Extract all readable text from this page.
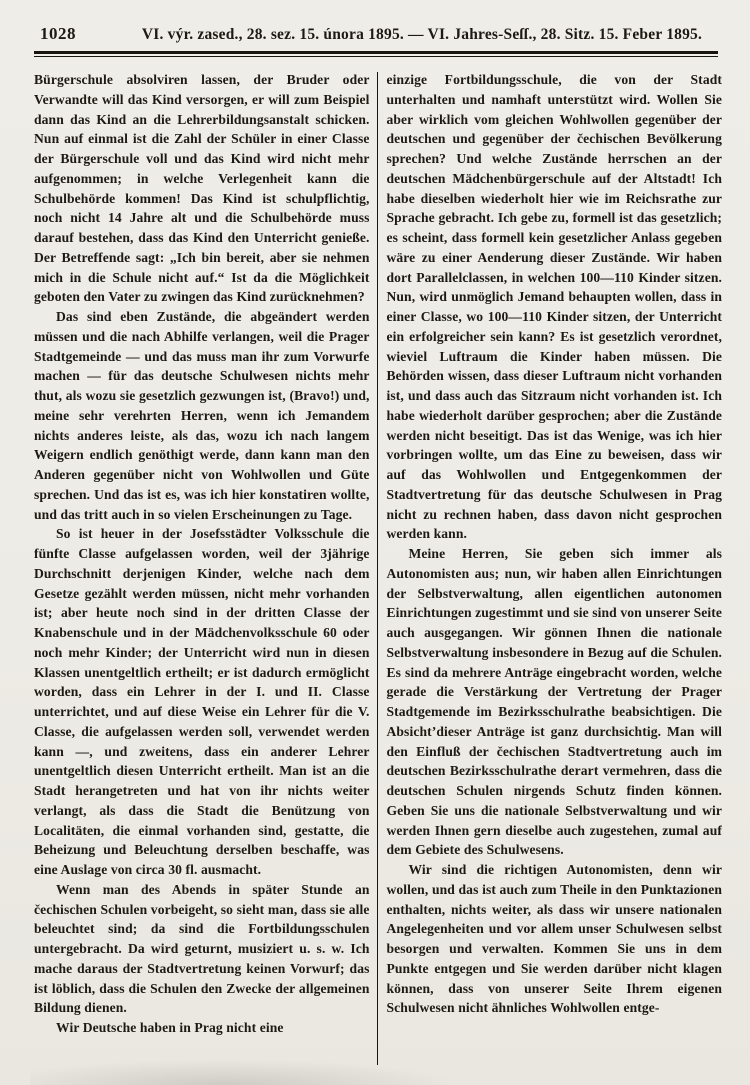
1028	VI. výr. zased., 28. sez. 15. února 1895. — VI. Jahres-Seſſ., 28. Sitz. 15. Feber 1895.

Bürgerschule absolviren lassen, der Bruder oder Verwandte will das Kind versorgen, er will zum Beispiel dann das Kind an die Lehrerbildungsanstalt schicken. Nun auf einmal ist die Zahl der Schüler in einer Classe der Bürgerschule voll und das Kind wird nicht mehr aufgenommen; in welche Verlegenheit kann die Schulbehörde kommen! Das Kind ist schulpflichtig, noch nicht 14 Jahre alt und die Schulbehörde muss darauf bestehen, dass das Kind den Unterricht genieße. Der Betreffende sagt: „Ich bin bereit, aber sie nehmen mich in die Schule nicht auf.“ Ist da die Möglichkeit geboten den Vater zu zwingen das Kind zurücknehmen?

Das sind eben Zustände, die abgeändert werden müssen und die nach Abhilfe verlangen, weil die Prager Stadtgemeinde — und das muss man ihr zum Vorwurfe machen — für das deutsche Schulwesen nichts mehr thut, als wozu sie gesetzlich gezwungen ist, (Bravo!) und, meine sehr verehrten Herren, wenn ich Jemandem nichts anderes leiste, als das, wozu ich nach langem Weigern endlich genöthigt werde, dann kann man den Anderen gegenüber nicht von Wohlwollen und Güte sprechen. Und das ist es, was ich hier konstatiren wollte, und das tritt auch in so vielen Erscheinungen zu Tage.

So ist heuer in der Josefsstädter Volksschule die fünfte Classe aufgelassen worden, weil der 3jährige Durchschnitt derjenigen Kinder, welche nach dem Gesetze gezählt werden müssen, nicht mehr vorhanden ist; aber heute noch sind in der dritten Classe der Knabenschule und in der Mädchenvolksschule 60 oder noch mehr Kinder; der Unterricht wird nun in diesen Klassen unentgeltlich ertheilt; er ist dadurch ermöglicht worden, dass ein Lehrer in der I. und II. Classe unterrichtet, und auf diese Weise ein Lehrer für die V. Classe, die aufgelassen werden soll, verwendet werden kann —, und zweitens, dass ein anderer Lehrer unentgeltlich diesen Unterricht ertheilt. Man ist an die Stadt herangetreten und hat von ihr nichts weiter verlangt, als dass die Stadt die Benützung von Localitäten, die einmal vorhanden sind, gestatte, die Beheizung und Beleuchtung derselben beschaffe, was eine Auslage von circa 30 fl. ausmacht.

Wenn man des Abends in später Stunde an čechischen Schulen vorbeigeht, so sieht man, dass sie alle beleuchtet sind; da sind die Fortbildungsschulen untergebracht. Da wird geturnt, musiziert u. s. w. Ich mache daraus der Stadtvertretung keinen Vorwurf; das ist löblich, dass die Schulen den Zwecke der allgemeinen Bildung dienen.

Wir Deutsche haben in Prag nicht eine

einzige Fortbildungsschule, die von der Stadt unterhalten und namhaft unterstützt wird. Wollen Sie aber wirklich vom gleichen Wohlwollen gegenüber der deutschen und gegenüber der čechischen Bevölkerung sprechen? Und welche Zustände herrschen an der deutschen Mädchenbürgerschule auf der Altstadt! Ich habe dieselben wiederholt hier wie im Reichsrathe zur Sprache gebracht. Ich gebe zu, formell ist das gesetzlich; es scheint, dass formell kein gesetzlicher Anlass gegeben wäre zu einer Aenderung dieser Zustände. Wir haben dort Parallelclassen, in welchen 100—110 Kinder sitzen. Nun, wird unmöglich Jemand behaupten wollen, dass in einer Classe, wo 100—110 Kinder sitzen, der Unterricht ein erfolgreicher sein kann? Es ist gesetzlich verordnet, wieviel Luftraum die Kinder haben müssen. Die Behörden wissen, dass dieser Luftraum nicht vorhanden ist, und dass auch das Sitzraum nicht vorhanden ist. Ich habe wiederholt darüber gesprochen; aber die Zustände werden nicht beseitigt. Das ist das Wenige, was ich hier vorbringen wollte, um das Eine zu beweisen, dass wir auf das Wohlwollen und Entgegenkommen der Stadtvertretung für das deutsche Schulwesen in Prag nicht zu rechnen haben, dass davon nicht gesprochen werden kann.

Meine Herren, Sie geben sich immer als Autonomisten aus; nun, wir haben allen Einrichtungen der Selbstverwaltung, allen eigentlichen autonomen Einrichtungen zugestimmt und sie sind von unserer Seite auch ausgegangen. Wir gönnen Ihnen die nationale Selbstverwaltung insbesondere in Bezug auf die Schulen. Es sind da mehrere Anträge eingebracht worden, welche gerade die Verstärkung der Vertretung der Prager Stadtgemende im Bezirksschulrathe beabsichtigen. Die Absicht’dieser Anträge ist ganz durchsichtig. Man will den Einfluß der čechischen Stadtvertretung auch im deutschen Bezirksschulrathe derart vermehren, dass die deutschen Schulen nirgends Schutz finden können. Geben Sie uns die nationale Selbstverwaltung und wir werden Ihnen gern dieselbe auch zugestehen, zumal auf dem Gebiete des Schulwesens.

Wir sind die richtigen Autonomisten, denn wir wollen, und das ist auch zum Theile in den Punktazionen enthalten, nichts weiter, als dass wir unsere nationalen Angelegenheiten und vor allem unser Schulwesen selbst besorgen und verwalten. Kommen Sie uns in dem Punkte entgegen und Sie werden darüber nicht klagen können, dass von unserer Seite Ihrem eigenen Schulwesen nicht ähnliches Wohlwollen entge-
